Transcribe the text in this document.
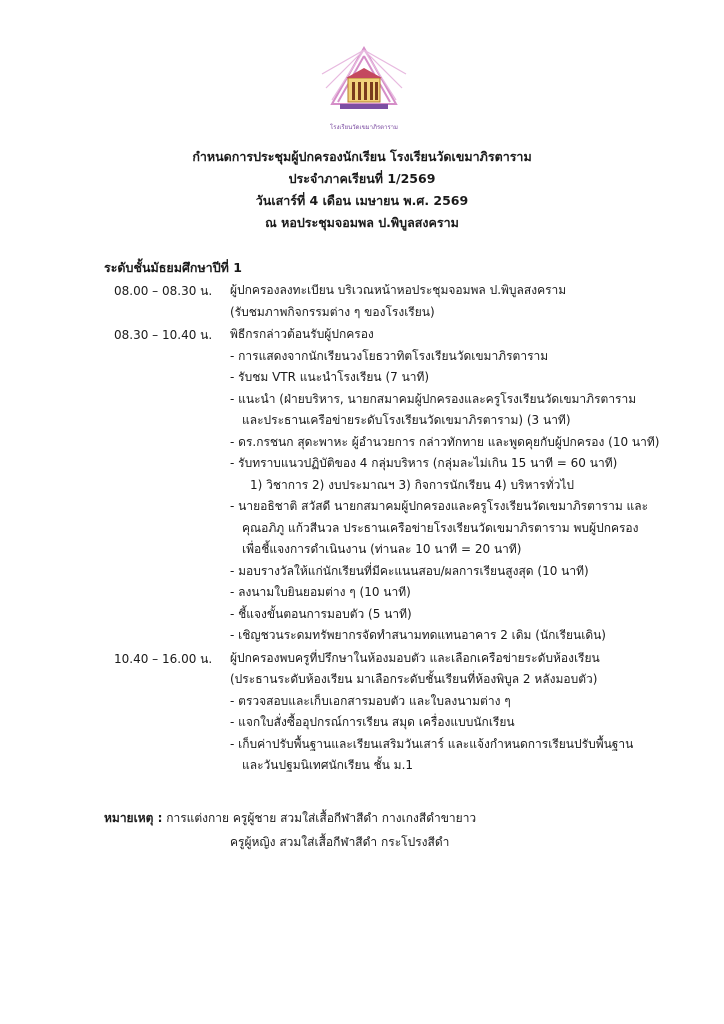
โรงเรียนวัดเขมาภิรตาราม
กำหนดการประชุมผู้ปกครองนักเรียน โรงเรียนวัดเขมาภิรตาราม
ประจำภาคเรียนที่ 1/2569
วันเสาร์ที่ 4 เดือน เมษายน พ.ศ. 2569
ณ หอประชุมจอมพล ป.พิบูลสงคราม
ระดับชั้นมัธยมศึกษาปีที่ 1
08.00 – 08.30 น. ผู้ปกครองลงทะเบียน บริเวณหน้าหอประชุมจอมพล ป.พิบูลสงคราม
(รับชมภาพกิจกรรมต่าง ๆ ของโรงเรียน)
08.30 – 10.40 น. พิธีกรกล่าวต้อนรับผู้ปกครอง
- การแสดงจากนักเรียนวงโยธวาทิตโรงเรียนวัดเขมาภิรตาราม
- รับชม VTR แนะนำโรงเรียน (7 นาที)
- แนะนำ (ฝ่ายบริหาร, นายกสมาคมผู้ปกครองและครูโรงเรียนวัดเขมาภิรตาราม
และประธานเครือข่ายระดับโรงเรียนวัดเขมาภิรตาราม) (3 นาที)
- ดร.กรชนก สุดะพาหะ ผู้อำนวยการ กล่าวทักทาย และพูดคุยกับผู้ปกครอง (10 นาที)
- รับทราบแนวปฏิบัติของ 4 กลุ่มบริหาร (กลุ่มละไม่เกิน 15 นาที = 60 นาที)
1) วิชาการ 2) งบประมาณฯ 3) กิจการนักเรียน 4) บริหารทั่วไป
- นายอธิชาติ สวัสดี นายกสมาคมผู้ปกครองและครูโรงเรียนวัดเขมาภิรตาราม และ
คุณอภิภู แก้วสีนวล ประธานเครือข่ายโรงเรียนวัดเขมาภิรตาราม พบผู้ปกครอง
เพื่อชี้แจงการดำเนินงาน (ท่านละ 10 นาที = 20 นาที)
- มอบรางวัลให้แก่นักเรียนที่มีคะแนนสอบ/ผลการเรียนสูงสุด (10 นาที)
- ลงนามใบยินยอมต่าง ๆ (10 นาที)
- ชี้แจงขั้นตอนการมอบตัว (5 นาที)
- เชิญชวนระดมทรัพยากรจัดทำสนามทดแทนอาคาร 2 เดิม (นักเรียนเดิน)
10.40 – 16.00 น. ผู้ปกครองพบครูที่ปรึกษาในห้องมอบตัว และเลือกเครือข่ายระดับห้องเรียน
(ประธานระดับห้องเรียน มาเลือกระดับชั้นเรียนที่ห้องพิบูล 2 หลังมอบตัว)
- ตรวจสอบและเก็บเอกสารมอบตัว และใบลงนามต่าง ๆ
- แจกใบสั่งซื้ออุปกรณ์การเรียน สมุด เครื่องแบบนักเรียน
- เก็บค่าปรับพื้นฐานและเรียนเสริมวันเสาร์ และแจ้งกำหนดการเรียนปรับพื้นฐาน
และวันปฐมนิเทศนักเรียน ชั้น ม.1
หมายเหตุ : การแต่งกาย ครูผู้ชาย สวมใส่เสื้อกีฬาสีดำ กางเกงสีดำขายาว
ครูผู้หญิง สวมใส่เสื้อกีฬาสีดำ กระโปรงสีดำ
